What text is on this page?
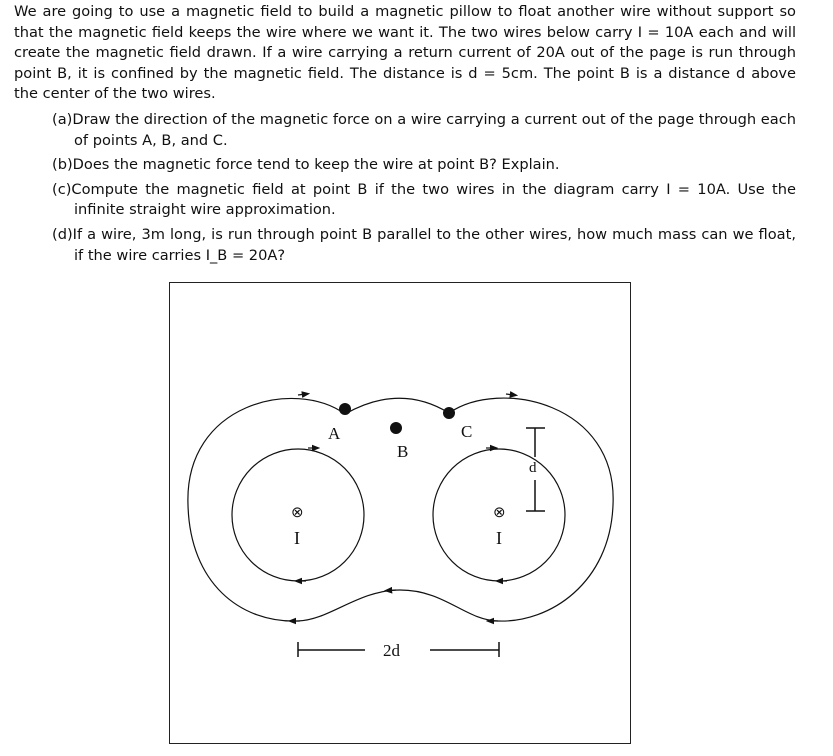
We are going to use a magnetic field to build a magnetic pillow to float another wire without support so that the magnetic field keeps the wire where we want it. The two wires below carry I = 10A each and will create the magnetic field drawn. If a wire carrying a return current of 20A out of the page is run through point B, it is confined by the magnetic field. The distance is d = 5cm. The point B is a distance d above the center of the two wires.

(a)Draw the direction of the magnetic force on a wire carrying a current out of the page through each of points A, B, and C.
(b)Does the magnetic force tend to keep the wire at point B? Explain.
(c)Compute the magnetic field at point B if the two wires in the diagram carry I = 10A. Use the infinite straight wire approximation.
(d)If a wire, 3m long, is run through point B parallel to the other wires, how much mass can we float, if the wire carries I_B = 20A?
A
B
C
⊗
I
⊗
I
d
2d
